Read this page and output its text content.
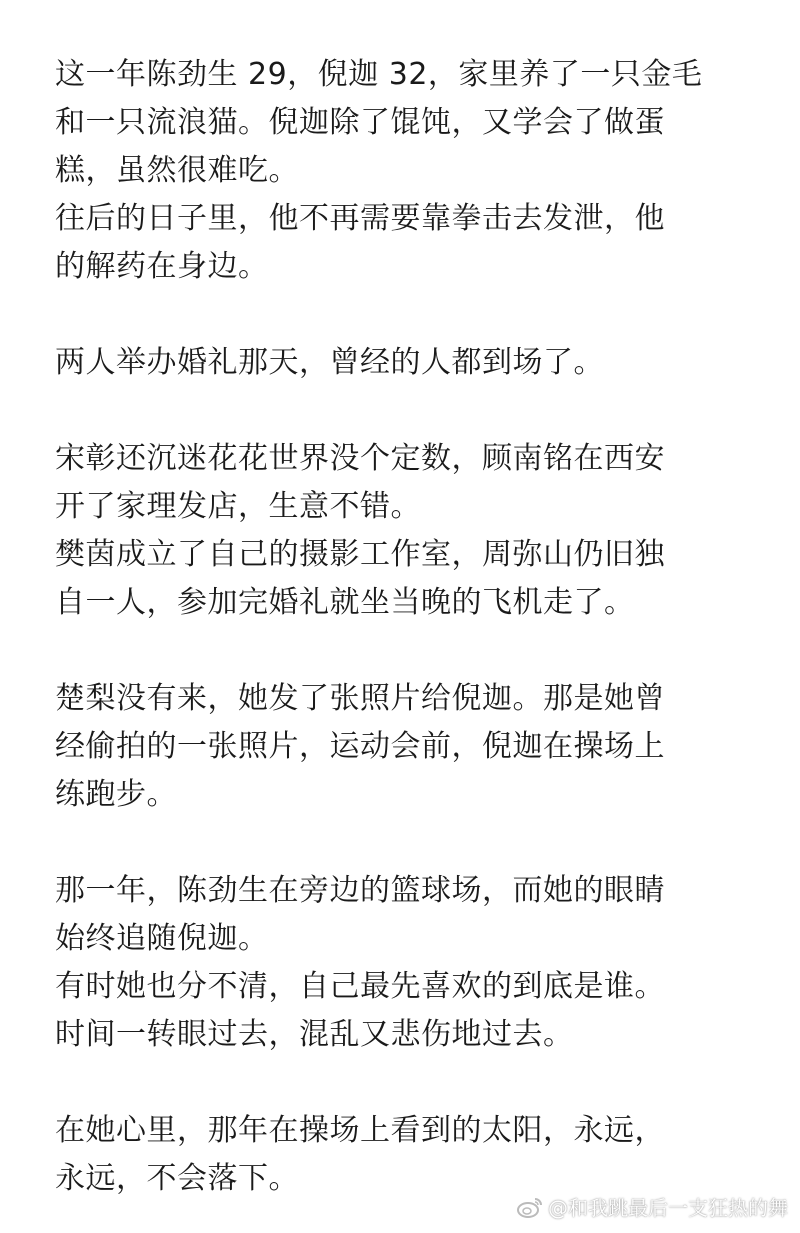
这一年陈劲生 29，倪迦 32，家里养了一只金毛
和一只流浪猫。倪迦除了馄饨，又学会了做蛋
糕，虽然很难吃。
往后的日子里，他不再需要靠拳击去发泄，他
的解药在身边。
两人举办婚礼那天，曾经的人都到场了。
宋彰还沉迷花花世界没个定数，顾南铭在西安
开了家理发店，生意不错。
樊茵成立了自己的摄影工作室，周弥山仍旧独
自一人，参加完婚礼就坐当晚的飞机走了。
楚梨没有来，她发了张照片给倪迦。那是她曾
经偷拍的一张照片，运动会前，倪迦在操场上
练跑步。
那一年，陈劲生在旁边的篮球场，而她的眼睛
始终追随倪迦。
有时她也分不清，自己最先喜欢的到底是谁。
时间一转眼过去，混乱又悲伤地过去。
在她心里，那年在操场上看到的太阳，永远，
永远，不会落下。
@和我跳最后一支狂热的舞
